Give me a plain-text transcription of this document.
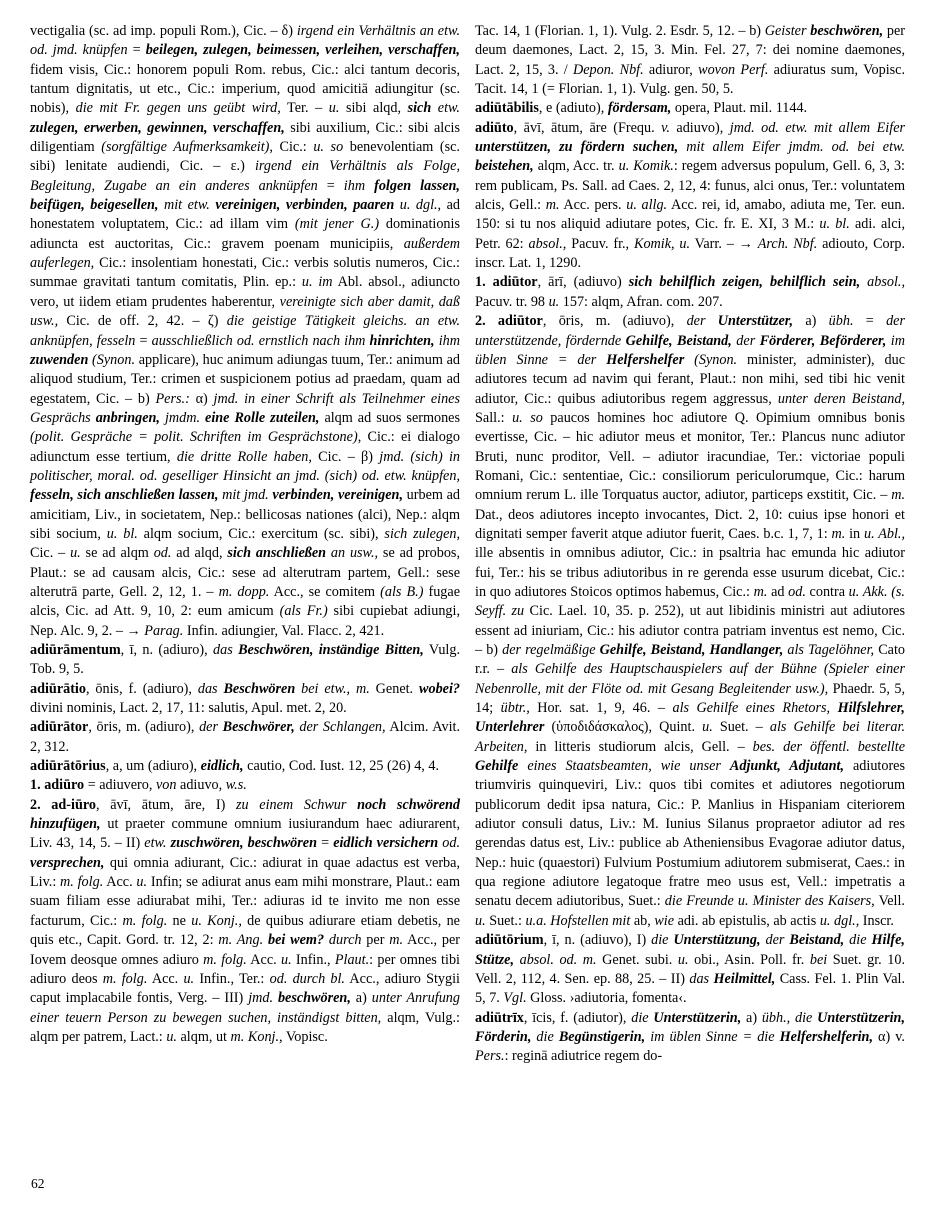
vectigalia (sc. ad imp. populi Rom.), Cic. – δ) irgend ein Verhältnis an etw. od. jmd. knüpfen = beilegen, zulegen, beimessen, verleihen, verschaffen, fidem visis, Cic.: honorem populi Rom. rebus, Cic.: alci tantum decoris, tantum dignitatis, ut etc., Cic.: imperium, quod amicitiā adiungitur (sc. nobis), die mit Fr. gegen uns geübt wird, Ter. – u. sibi alqd, sich etw. zulegen, erwerben, gewinnen, verschaffen, sibi auxilium, Cic.: sibi alcis diligentiam (sorgfältige Aufmerksamkeit), Cic.: u. so benevolentiam (sc. sibi) lenitate audiendi, Cic. – ε.) irgend ein Verhältnis als Folge, Begleitung, Zugabe an ein anderes anknüpfen = ihm folgen lassen, beifügen, beigesellen, mit etw. vereinigen, verbinden, paaren u. dgl., ad honestatem voluptatem, Cic.: ad illam vim (mit jener G.) dominationis adiuncta est auctoritas, Cic.: gravem poenam municipiis, außerdem auferlegen, Cic.: insolentiam honestati, Cic.: verbis solutis numeros, Cic.: summae gravitati tantum comitatis, Plin. ep.: u. im Abl. absol., adiuncto vero, ut iidem etiam prudentes haberentur, vereinigte sich aber damit, daß usw., Cic. de off. 2, 42. – ζ) die geistige Tätigkeit gleichs. an etw. anknüpfen, fesseln = ausschließlich od. ernstlich nach ihm hinrichten, ihm zuwenden (Synon. applicare), huc animum adiungas tuum, Ter.: animum ad aliquod studium, Ter.: crimen et suspicionem potius ad praedam, quam ad egestatem, Cic. – b) Pers.: α) jmd. in einer Schrift als Teilnehmer eines Gesprächs anbringen, jmdm. eine Rolle zuteilen, alqm ad suos sermones (polit. Gespräche = polit. Schriften im Gesprächstone), Cic.: ei dialogo adiunctum esse tertium, die dritte Rolle haben, Cic. – β) jmd. (sich) in politischer, moral. od. geselliger Hinsicht an jmd. (sich) od. etw. knüpfen, fesseln, sich anschließen lassen, mit jmd. verbinden, vereinigen, urbem ad amicitiam, Liv., in societatem, Nep.: bellicosas nationes (alci), Nep.: alqm sibi socium, u. bl. alqm socium, Cic.: exercitum (sc. sibi), sich zulegen, Cic. – u. se ad alqm od. ad alqd, sich anschließen an usw., se ad probos, Plaut.: se ad causam alcis, Cic.: sese ad alterutram partem, Gell.: sese alterutrā parte, Gell. 2, 12, 1. – m. dopp. Acc., se comitem (als B.) fugae alcis, Cic. ad Att. 9, 10, 2: eum amicum (als Fr.) sibi cupiebat adiungi, Nep. Alc. 9, 2. – → Parag. Infin. adiungier, Val. Flacc. 2, 421.

adiūrāmentum, ī, n. (adiuro), das Beschwören, inständige Bitten, Vulg. Tob. 9, 5.

adiūrātio, ōnis, f. (adiuro), das Beschwören bei etw., m. Genet. wobei? divini nominis, Lact. 2, 17, 11: salutis, Apul. met. 2, 20.

adiūrātor, ōris, m. (adiuro), der Beschwörer, der Schlangen, Alcim. Avit. 2, 312.

adiūrātōrius, a, um (adiuro), eidlich, cautio, Cod. Iust. 12, 25 (26) 4, 4.

1. adiūro = adiuvero, von adiuvo, w.s.

2. ad-iūro, āvī, ātum, āre, I) zu einem Schwur noch schwörend hinzufügen, ut praeter commune omnium iusiurandum haec adiurarent, Liv. 43, 14, 5. – II) etw. zuschwören, beschwören = eidlich versichern od. versprechen, qui omnia adiurant, Cic.: adiurat in quae adactus est verba, Liv.: m. folg. Acc. u. Infin; se adiurat anus eam mihi monstrare, Plaut.: eam suam filiam esse adiurabat mihi, Ter.: adiuras id te invito me non esse facturum, Cic.: m. folg. ne u. Konj., de quibus adiurare etiam debetis, ne quis etc., Capit. Gord. tr. 12, 2: m. Ang. bei wem? durch per m. Acc., per Iovem deosque omnes adiuro m. folg. Acc. u. Infin., Plaut.: per omnes tibi adiuro deos m. folg. Acc. u. Infin., Ter.: od. durch bl. Acc., adiuro Stygii caput implacabile fontis, Verg. – III) jmd. beschwören, a) unter Anrufung einer teuern Person zu bewegen suchen, inständigst bitten, alqm, Vulg.: alqm per patrem, Lact.: u. alqm, ut m. Konj., Vopisc.

Tac. 14, 1 (Florian. 1, 1). Vulg. 2. Esdr. 5, 12. – b) Geister beschwören, per deum daemones, Lact. 2, 15, 3. Min. Fel. 27, 7: dei nomine daemones, Lact. 2, 15, 3. / Depon. Nbf. adiuror, wovon Perf. adiuratus sum, Vopisc. Tacit. 14, 1 (= Florian. 1, 1). Vulg. gen. 50, 5.

adiūtābilis, e (adiuto), fördersam, opera, Plaut. mil. 1144.

adiūto, āvī, ātum, āre (Frequ. v. adiuvo), jmd. od. etw. mit allem Eifer unterstützen, zu fördern suchen, mit allem Eifer jmdm. od. bei etw. beistehen, alqm, Acc. tr. u. Komik.: regem adversus populum, Gell. 6, 3, 3: rem publicam, Ps. Sall. ad Caes. 2, 12, 4: funus, alci onus, Ter.: voluntatem alcis, Gell.: m. Acc. pers. u. allg. Acc. rei, id, amabo, adiuta me, Ter. eun. 150: si tu nos aliquid adiutare potes, Cic. fr. E. XI, 3 M.: u. bl. adi. alci, Petr. 62: absol., Pacuv. fr., Komik, u. Varr. – → Arch. Nbf. adiouto, Corp. inscr. Lat. 1, 1290.

1. adiūtor, ārī, (adiuvo) sich behilflich zeigen, behilflich sein, absol., Pacuv. tr. 98 u. 157: alqm, Afran. com. 207.

2. adiūtor, ōris, m. (adiuvo), der Unterstützer, a) übh. = der unterstützende, fördernde Gehilfe, Beistand, der Förderer, Beförderer, im üblen Sinne = der Helfershelfer (Synon. minister, administer), duc adiutores tecum ad navim qui ferant, Plaut.: non mihi, sed tibi hic venit adiutor, Cic.: quibus adiutoribus regem aggressus, unter deren Beistand, Sall.: u. so paucos homines hoc adiutore Q. Opimium omnibus bonis evertisse, Cic. – hic adiutor meus et monitor, Ter.: Plancus nunc adiutor Bruti, nunc proditor, Vell. – adiutor iracundiae, Ter.: victoriae populi Romani, Cic.: sententiae, Cic.: consiliorum periculorumque, Cic.: harum omnium rerum L. ille Torquatus auctor, adiutor, particeps exstitit, Cic. – m. Dat., deos adiutores incepto invocantes, Dict. 2, 10: cuius ipse honori et dignitati semper faverit atque adiutor fuerit, Caes. b.c. 1, 7, 1: m. in u. Abl., ille absentis in omnibus adiutor, Cic.: in psaltria hac emunda hic adiutor fui, Ter.: his se tribus adiutoribus in re gerenda esse usurum dicebat, Cic.: in quo adiutores Stoicos optimos habemus, Cic.: m. ad od. contra u. Akk. (s. Seyff. zu Cic. Lael. 10, 35. p. 252), ut aut libidinis ministri aut adiutores essent ad iniuriam, Cic.: his adiutor contra patriam inventus est nemo, Cic. – b) der regelmäßige Gehilfe, Beistand, Handlanger, als Tagelöhner, Cato r.r. – als Gehilfe des Hauptschauspielers auf der Bühne (Spieler einer Nebenrolle, mit der Flöte od. mit Gesang Begleitender usw.), Phaedr. 5, 5, 14; übtr., Hor. sat. 1, 9, 46. – als Gehilfe eines Rhetors, Hilfslehrer, Unterlehrer (ὑποδιδάσκαλος), Quint. u. Suet. – als Gehilfe bei literar. Arbeiten, in litteris studiorum alcis, Gell. – bes. der öffentl. bestellte Gehilfe eines Staatsbeamten, wie unser Adjunkt, Adjutant, adiutores triumviris quinqueviri, Liv.: quos tibi comites et adiutores negotiorum publicorum dedit ipsa natura, Cic.: P. Manlius in Hispaniam citeriorem adiutor consuli datus, Liv.: M. Iunius Silanus propraetor adiutor ad res gerendas datus est, Liv.: publice ab Atheniensibus Evagorae adiutor datus, Nep.: huic (quaestori) Fulvium Postumium adiutorem submiserat, Caes.: in qua regione adiutore legatoque fratre meo usus est, Vell.: impetratis a senatu decem adiutoribus, Suet.: die Freunde u. Minister des Kaisers, Vell. u. Suet.: u.a. Hofstellen mit ab, wie adi. ab epistulis, ab actis u. dgl., Inscr.

adiūtōrium, ī, n. (adiuvo), I) die Unterstützung, der Beistand, die Hilfe, Stütze, absol. od. m. Genet. subi. u. obi., Asin. Poll. fr. bei Suet. gr. 10. Vell. 2, 112, 4. Sen. ep. 88, 25. – II) das Heilmittel, Cass. Fel. 1. Plin Val. 5, 7. Vgl. Gloss. ›adiutoria, fomenta‹.

adiūtrīx, īcis, f. (adiutor), die Unterstützerin, a) übh., die Unterstützerin, Förderin, die Begünstigerin, im üblen Sinne = die Helfershelferin, α) v. Pers.: reginā adiutrice regem do-

62
